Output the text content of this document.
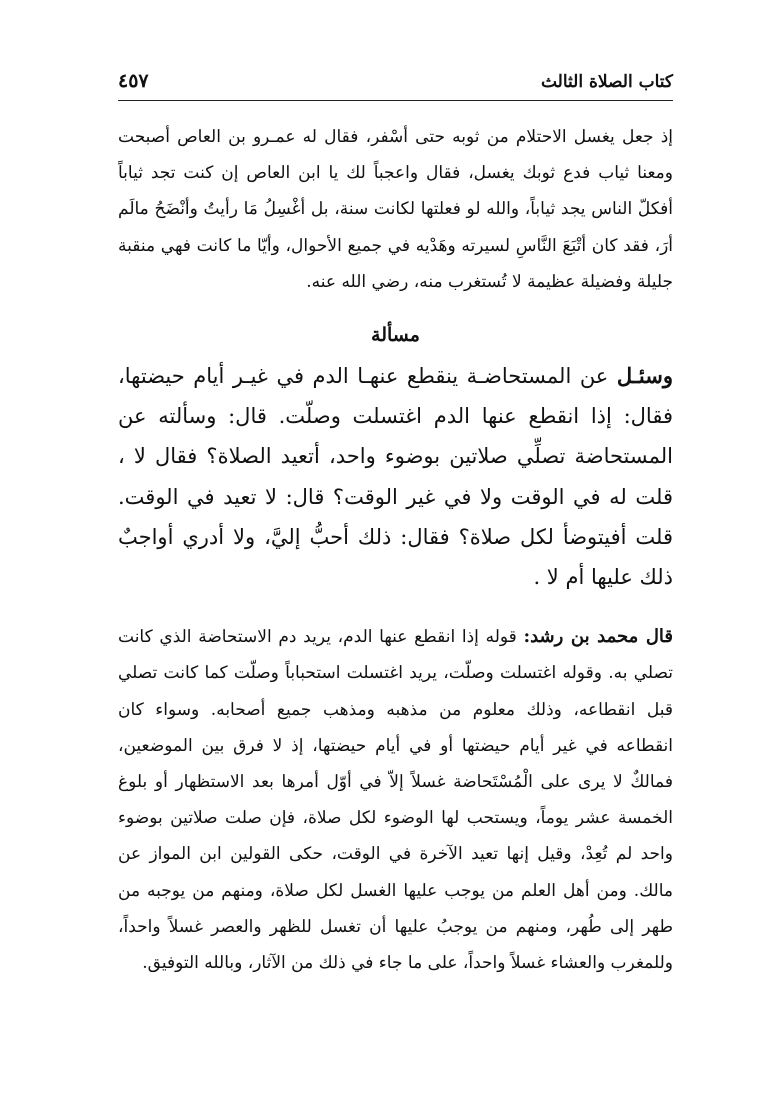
كتاب الصلاة الثالث
٤٥٧

إذ جعل يغسل الاحتلام من ثوبه حتى أسْفر، فقال له عمـرو بن العاص أصبحت ومعنا ثياب فدع ثوبك يغسل، فقال واعجباً لك يا ابن العاص إن كنت تجد ثياباً أفكلّ الناس يجد ثياباً، والله لو فعلتها لكانت سنة، بل أغْسِلُ مَا رأيتُ وأنْضَحُ مالَم أرَ، فقد كان أتْبَعَ النَّاسِ لسيرته وهَدْيه في جميع الأحوال، وأيّا ما كانت فهي منقبة جليلة وفضيلة عظيمة لا تُستغرب منه، رضي الله عنه.

مسألة

وسئـل عن المستحاضـة ينقطع عنهـا الدم في غيـر أيام حيضتها، فقال: إذا انقطع عنها الدم اغتسلت وصلّت. قال: وسألته عن المستحاضة تصلِّي صلاتين بوضوء واحد، أتعيد الصلاة؟ فقال لا ، قلت له في الوقت ولا في غير الوقت؟ قال: لا تعيد في الوقت. قلت أفيتوضأ لكل صلاة؟ فقال: ذلك أحبُّ إليَّ، ولا أدري أواجبٌ ذلك عليها أم لا .

قال محمد بن رشد: قوله إذا انقطع عنها الدم، يريد دم الاستحاضة الذي كانت تصلي به. وقوله اغتسلت وصلّت، يريد اغتسلت استحباباً وصلّت كما كانت تصلي قبل انقطاعه، وذلك معلوم من مذهبه ومذهب جميع أصحابه. وسواء كان انقطاعه في غير أيام حيضتها أو في أيام حيضتها، إذ لا فرق بين الموضعين، فمالكٌ لا يرى على الْمُسْتَحاضة غسلاً إلاّ في أوّل أمرها بعد الاستظهار أو بلوغ الخمسة عشر يوماً، ويستحب لها الوضوء لكل صلاة، فإن صلت صلاتين بوضوء واحد لم تُعِدْ، وقيل إنها تعيد الآخرة في الوقت، حكى القولين ابن المواز عن مالك. ومن أهل العلم من يوجب عليها الغسل لكل صلاة، ومنهم من يوجبه من طهر إلى طُهر، ومنهم من يوجبُ عليها أن تغسل للظهر والعصر غسلاً واحداً، وللمغرب والعشاء غسلاً واحداً، على ما جاء في ذلك من الآثار، وبالله التوفيق.
